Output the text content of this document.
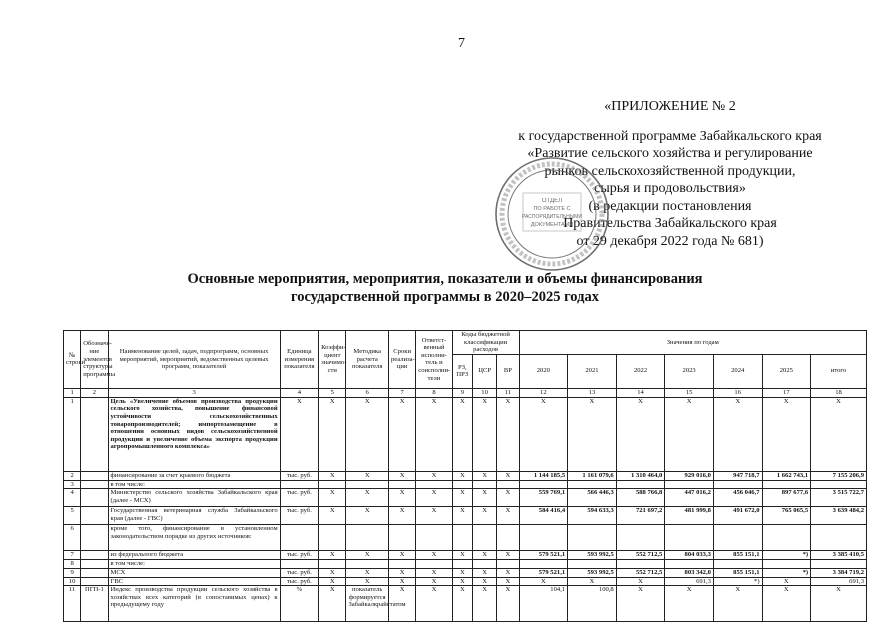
7
«ПРИЛОЖЕНИЕ № 2
к государственной программе Забайкальского края
«Развитие сельского хозяйства и регулирование
рынков сельскохозяйственной продукции,
сырья и продовольствия»
(в редакции постановления
Правительства Забайкальского края
от 29 декабря 2022 года № 681)
ОТДЕЛ
ПО РАБОТЕ С
РАСПОРЯДИТЕЛЬНЫМИ
ДОКУМЕНТАМИ
Основные мероприятия, мероприятия, показатели и объемы финансирования
государственной программы в 2020–2025 годах
№ строки	Обозначе-ние элементов структуры программы	Наименование целей, задач, подпрограмм, основных мероприятий, мероприятий, ведомственных целевых программ, показателей	Единица измерения показателя	Коэффи-циент значимо-сти	Методика расчета показателя	Сроки реализа-ции	Ответст-венный исполни-тель и соисполни-тели	Коды бюджетной классификации расходов			Значения по годам						
								РЗ, ПРЗ	ЦСР	ВР	2020	2021	2022	2023	2024	2025	итого
1	2	3	4	5	6	7	8	9	10	11	12	13	14	15	16	17	18
1		Цель «Увеличение объемов производства продукции сельского хозяйства, повышение финансовой устойчивости сельскохозяйственных товаропроизводителей; импортозамещение в отношении основных видов сельскохозяйственной продукции и увеличение объема экспорта продукции агропромышленного комплекса»	Х	Х	Х	Х	Х	Х	Х	Х	Х	Х	Х	Х	Х	Х	Х
2		финансирование за счет краевого бюджета	тыс. руб.	Х	Х	Х	Х	Х	Х	Х	1 144 185,5	1 161 079,6	1 310 464,0	929 016,0	947 718,7	1 662 743,1	7 155 206,9
3		в том числе:															
4		Министерство сельского хозяйства Забайкальского края (далее - МСХ)	тыс. руб.	Х	Х	Х	Х	Х	Х	Х	559 769,1	566 446,3	588 766,8	447 016,2	456 046,7	897 677,6	3 515 722,7
5		Государственная ветеринарная служба Забайкальского края (далее - ГВС)	тыс. руб.	Х	Х	Х	Х	Х	Х	Х	584 416,4	594 633,3	721 697,2	481 999,8	491 672,0	765 065,5	3 639 484,2
6		кроме того, финансирование в установленном законодательством порядке из других источников:															
7		из федерального бюджета	тыс. руб.	Х	Х	Х	Х	Х	Х	Х	579 521,1	593 992,5	552 712,5	804 033,3	855 151,1	*)	3 385 410,5
8		в том числе:															
9		МСХ	тыс. руб.	Х	Х	Х	Х	Х	Х	Х	579 521,1	593 992,5	552 712,5	803 342,0	855 151,1	*)	3 384 719,2
10		ГВС	тыс. руб.	Х	Х	Х	Х	Х	Х	Х	Х	Х	Х	691,3	*)	Х	691,3
11	ПГП-1	Индекс производства продукции сельского хозяйства в хозяйствах всех категорий (в сопоставимых ценах) к предыдущему году	%	Х	показатель формируется Забайкалкрайстатом	Х	Х	Х	Х	Х	104,1	100,8	Х	Х	Х	Х	Х
